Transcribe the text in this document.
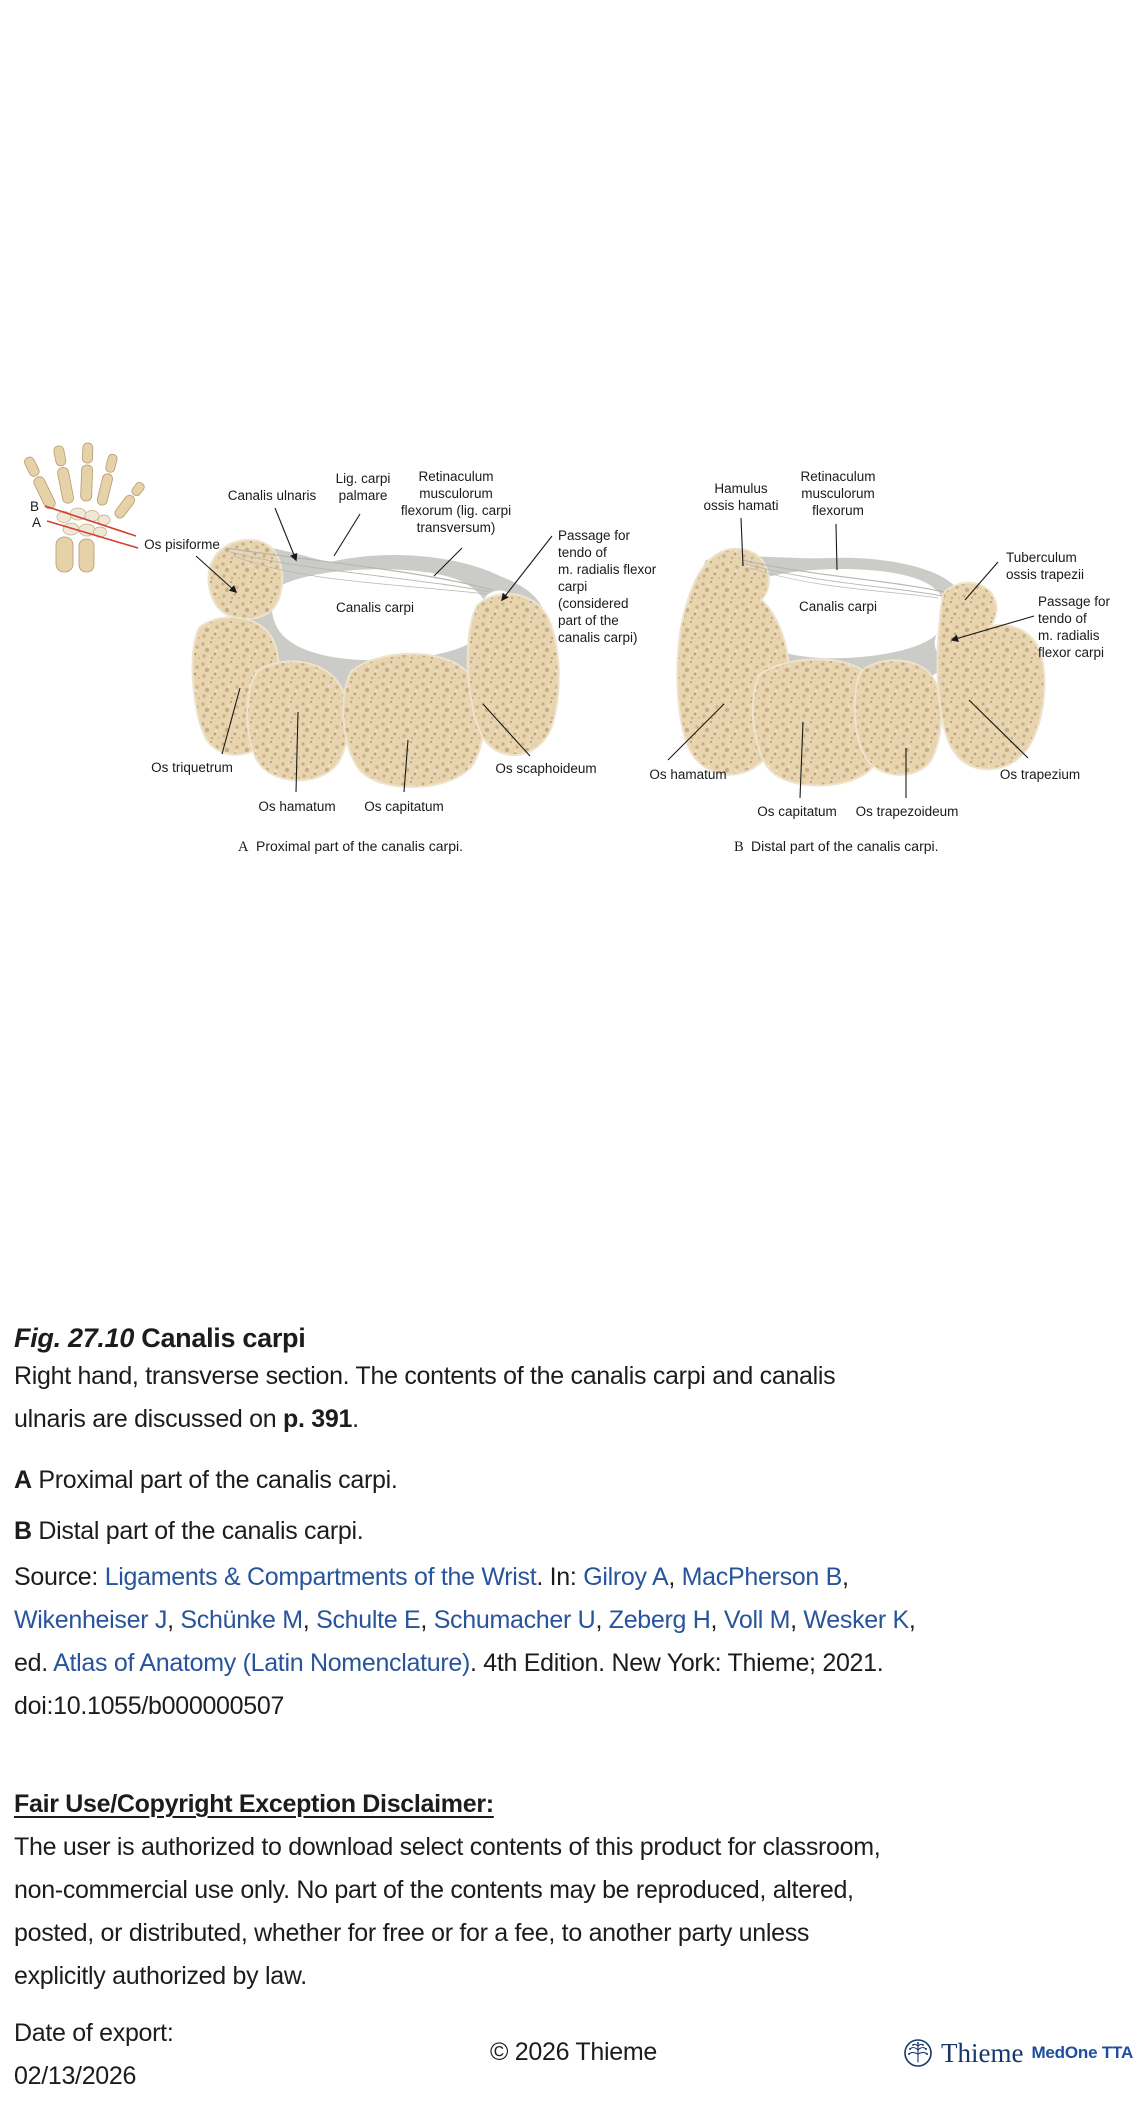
B
A
Canalis ulnaris
Lig. carpi
palmare
Retinaculum
musculorum
flexorum (lig. carpi
transversum)
Os pisiforme
Canalis carpi
Passage for
tendo of
m. radialis flexor
carpi
(considered
part of the
canalis carpi)
Os triquetrum
Os hamatum Os capitatum
Os scaphoideum
A Proximal part of the canalis carpi.
Hamulus
ossis hamati
Retinaculum
musculorum
flexorum
Canalis carpi
Tuberculum
ossis trapezii
Passage for
tendo of
m. radialis
flexor carpi
Os hamatum
Os capitatum Os trapezoideum
Os trapezium
B Distal part of the canalis carpi.
Fig. 27.10 Canalis carpi
Right hand, transverse section. The contents of the canalis carpi and canalis
ulnaris are discussed on p. 391.
A Proximal part of the canalis carpi.
B Distal part of the canalis carpi.
Source: Ligaments & Compartments of the Wrist. In: Gilroy A, MacPherson B,
Wikenheiser J, Schünke M, Schulte E, Schumacher U, Zeberg H, Voll M, Wesker K,
ed. Atlas of Anatomy (Latin Nomenclature). 4th Edition. New York: Thieme; 2021.
doi:10.1055/b000000507
Fair Use/Copyright Exception Disclaimer:
The user is authorized to download select contents of this product for classroom,
non-commercial use only. No part of the contents may be reproduced, altered,
posted, or distributed, whether for free or for a fee, to another party unless
explicitly authorized by law.
Date of export:
02/13/2026
© 2026 Thieme	Thieme MedOne TTA
